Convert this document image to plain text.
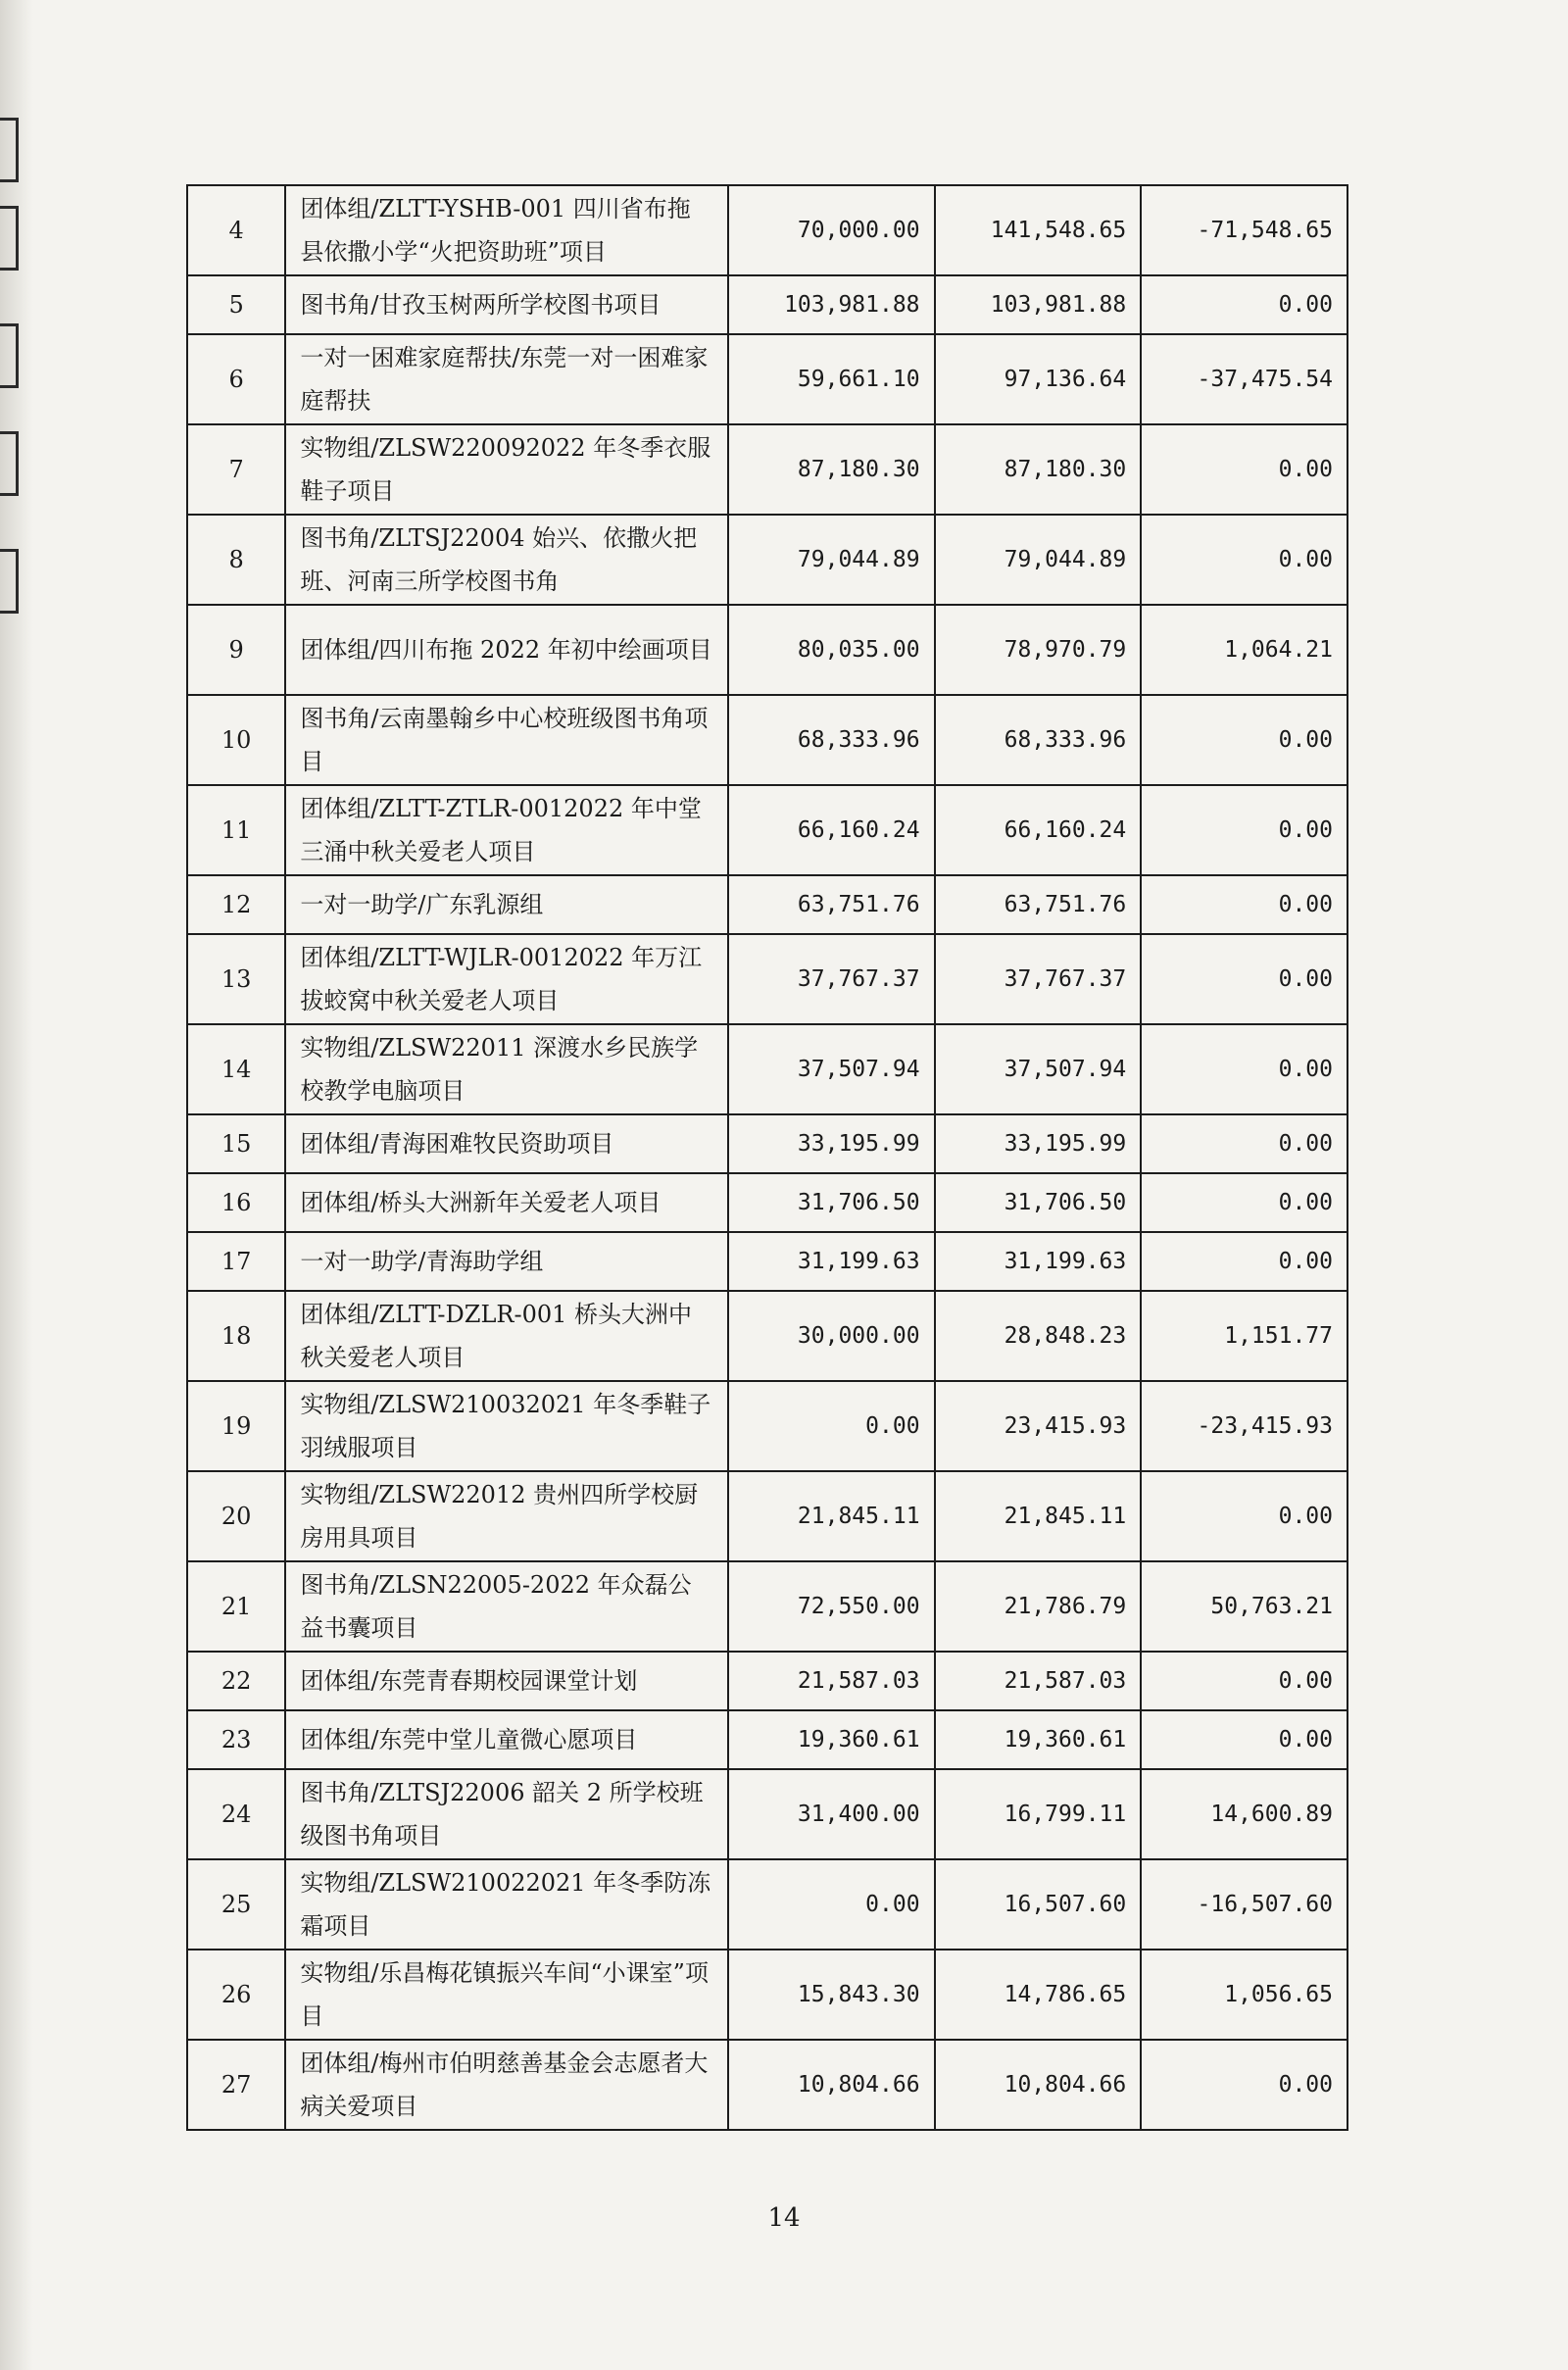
4	团体组/ZLTT-YSHB-001 四川省布拖县依撒小学“火把资助班”项目	70,000.00	141,548.65	-71,548.65
5	图书角/甘孜玉树两所学校图书项目	103,981.88	103,981.88	0.00
6	一对一困难家庭帮扶/东莞一对一困难家庭帮扶	59,661.10	97,136.64	-37,475.54
7	实物组/ZLSW220092022 年冬季衣服鞋子项目	87,180.30	87,180.30	0.00
8	图书角/ZLTSJ22004 始兴、依撒火把班、河南三所学校图书角	79,044.89	79,044.89	0.00
9	团体组/四川布拖 2022 年初中绘画项目	80,035.00	78,970.79	1,064.21
10	图书角/云南墨翰乡中心校班级图书角项目	68,333.96	68,333.96	0.00
11	团体组/ZLTT-ZTLR-0012022 年中堂三涌中秋关爱老人项目	66,160.24	66,160.24	0.00
12	一对一助学/广东乳源组	63,751.76	63,751.76	0.00
13	团体组/ZLTT-WJLR-0012022 年万江拔蛟窝中秋关爱老人项目	37,767.37	37,767.37	0.00
14	实物组/ZLSW22011 深渡水乡民族学校教学电脑项目	37,507.94	37,507.94	0.00
15	团体组/青海困难牧民资助项目	33,195.99	33,195.99	0.00
16	团体组/桥头大洲新年关爱老人项目	31,706.50	31,706.50	0.00
17	一对一助学/青海助学组	31,199.63	31,199.63	0.00
18	团体组/ZLTT-DZLR-001 桥头大洲中秋关爱老人项目	30,000.00	28,848.23	1,151.77
19	实物组/ZLSW210032021 年冬季鞋子羽绒服项目	0.00	23,415.93	-23,415.93
20	实物组/ZLSW22012 贵州四所学校厨房用具项目	21,845.11	21,845.11	0.00
21	图书角/ZLSN22005-2022 年众磊公益书囊项目	72,550.00	21,786.79	50,763.21
22	团体组/东莞青春期校园课堂计划	21,587.03	21,587.03	0.00
23	团体组/东莞中堂儿童微心愿项目	19,360.61	19,360.61	0.00
24	图书角/ZLTSJ22006 韶关 2 所学校班级图书角项目	31,400.00	16,799.11	14,600.89
25	实物组/ZLSW210022021 年冬季防冻霜项目	0.00	16,507.60	-16,507.60
26	实物组/乐昌梅花镇振兴车间“小课室”项目	15,843.30	14,786.65	1,056.65
27	团体组/梅州市伯明慈善基金会志愿者大病关爱项目	10,804.66	10,804.66	0.00
14
